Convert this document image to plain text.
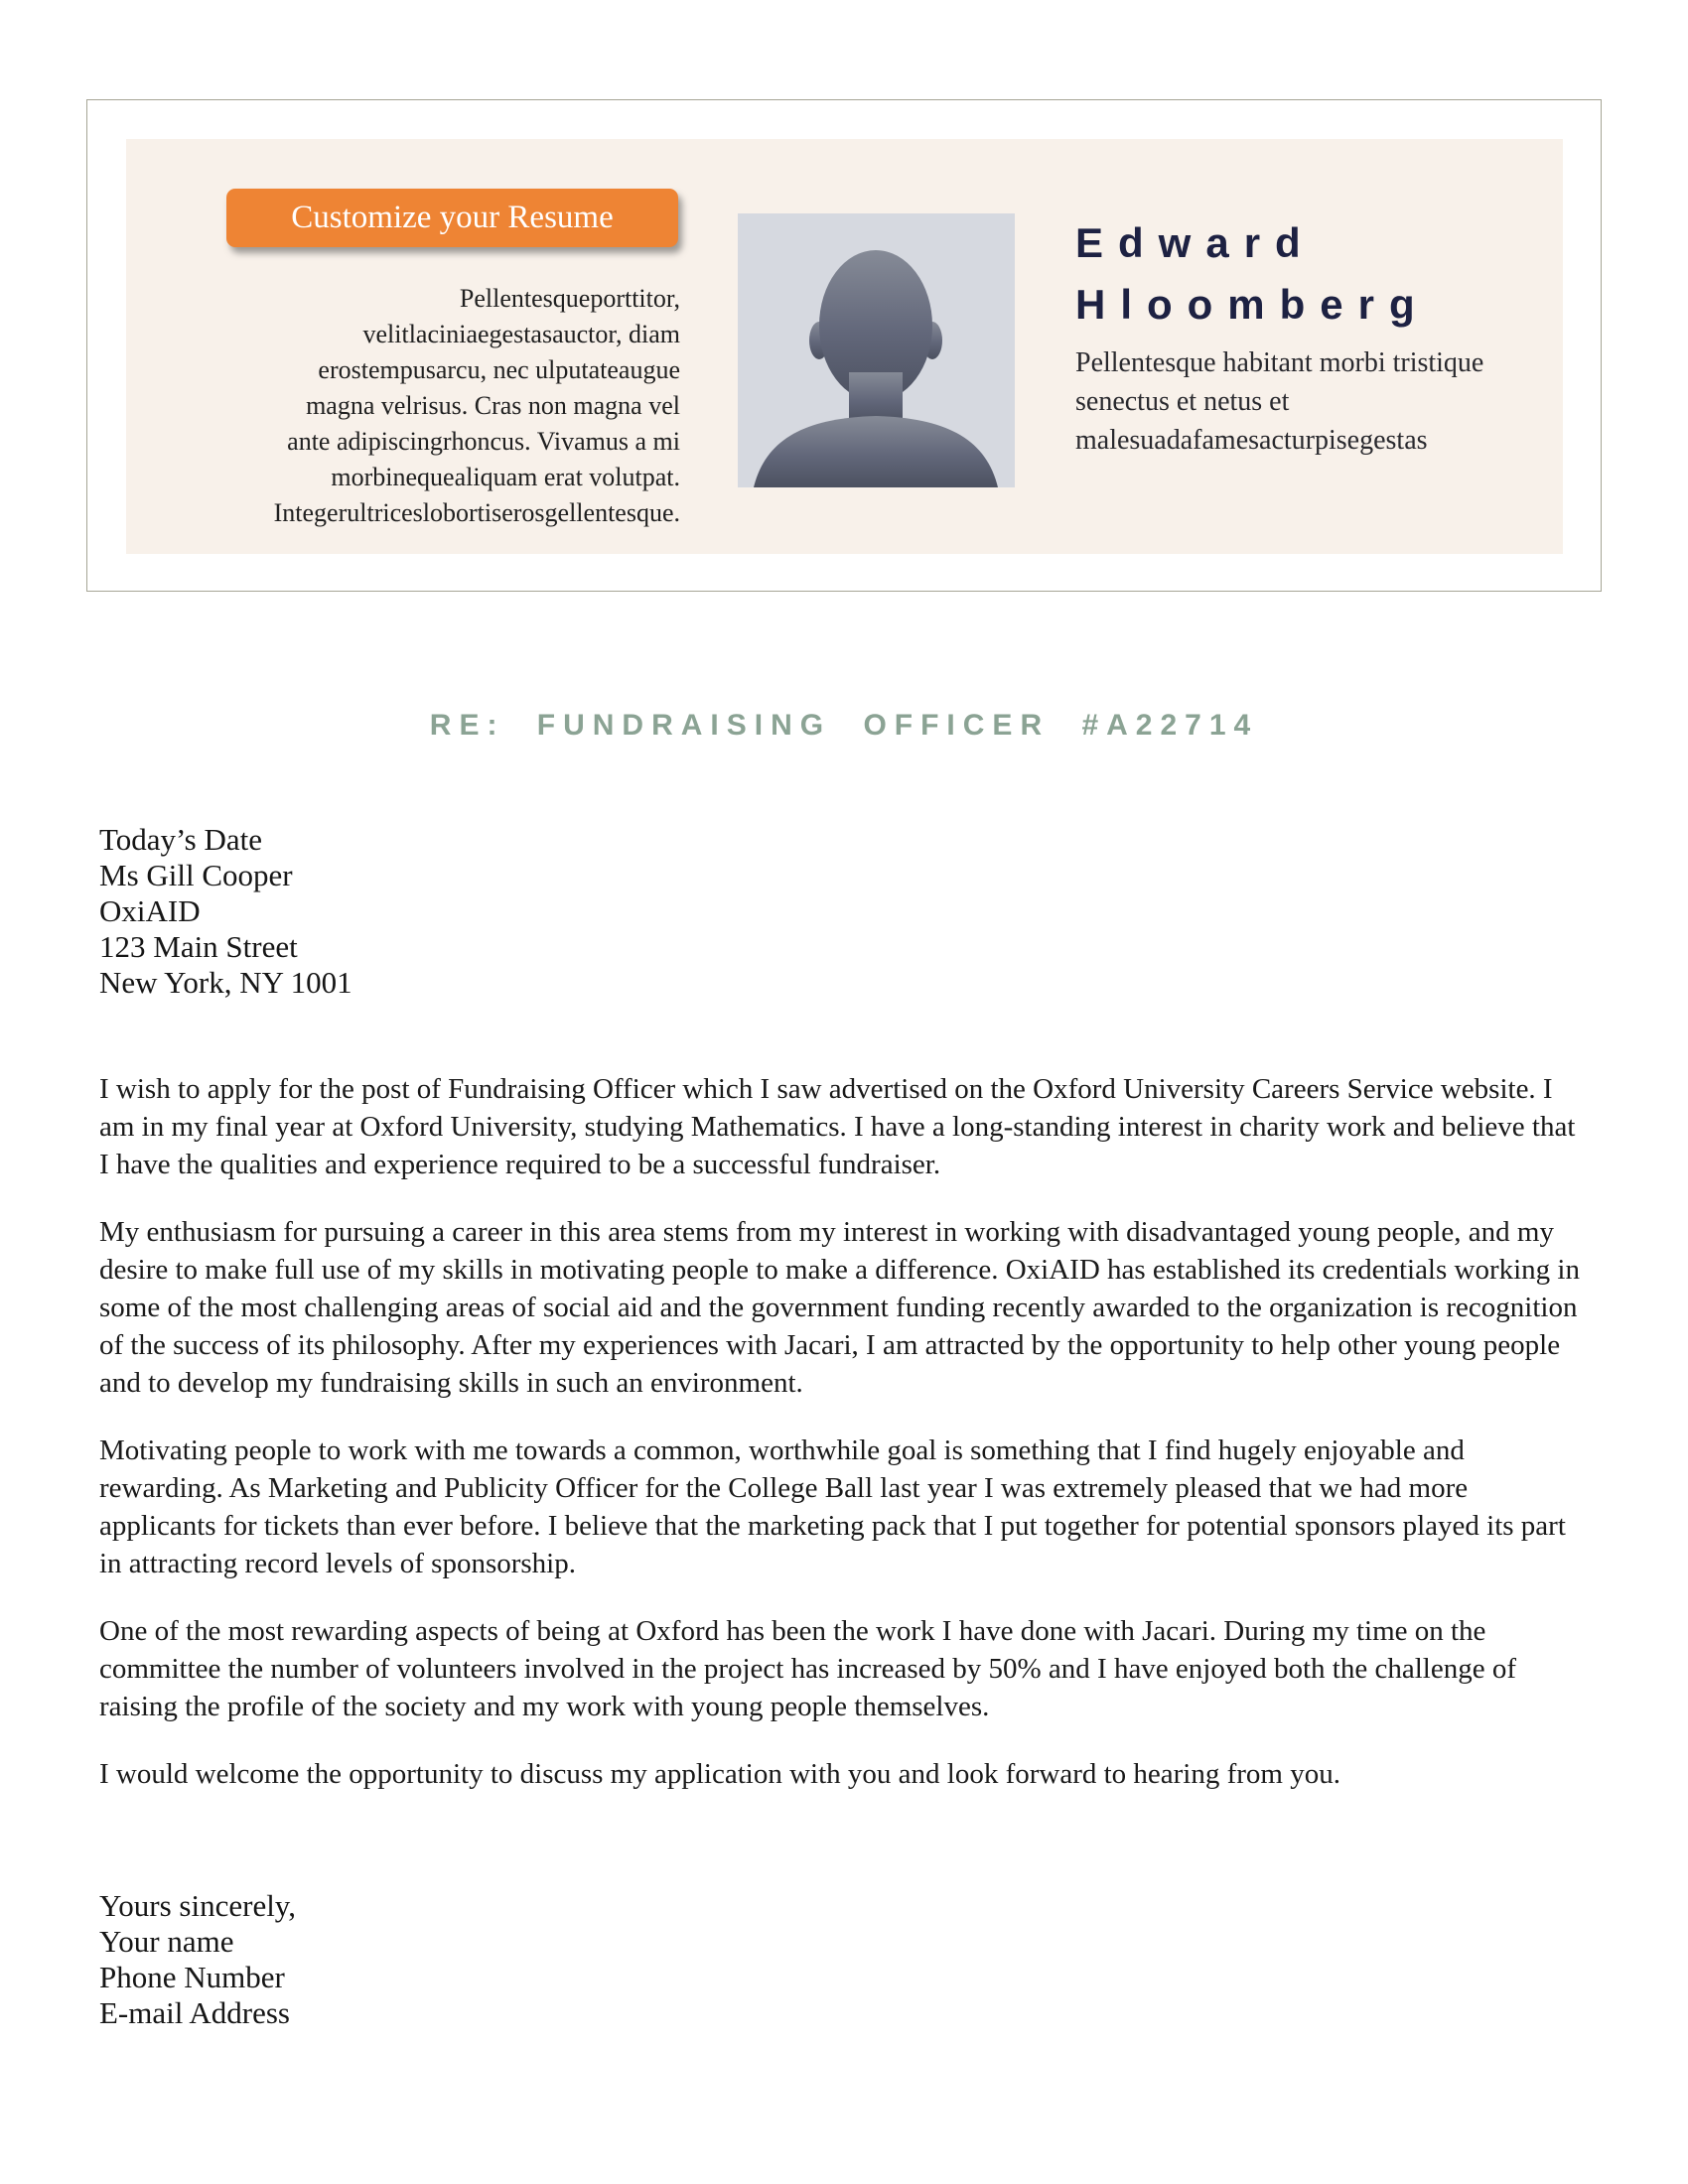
Customize your Resume
Pellentesqueporttitor,
velitlaciniaegestasauctor, diam
erostempusarcu, nec ulputateaugue
magna velrisus. Cras non magna vel
ante adipiscingrhoncus. Vivamus a mi
morbinequealiquam erat volutpat.
Integerultriceslobortiserosgellentesque.
Edward
Hloomberg
Pellentesque habitant morbi tristique senectus et netus et malesuadafamesacturpisegestas
RE: FUNDRAISING OFFICER #A22714
Today’s Date
Ms Gill Cooper
OxiAID
123 Main Street
New York, NY 1001

I wish to apply for the post of Fundraising Officer which I saw advertised on the Oxford University Careers Service website. I am in my final year at Oxford University, studying Mathematics. I have a long-standing interest in charity work and believe that I have the qualities and experience required to be a successful fundraiser.

My enthusiasm for pursuing a career in this area stems from my interest in working with disadvantaged young people, and my desire to make full use of my skills in motivating people to make a difference. OxiAID has established its credentials working in some of the most challenging areas of social aid and the government funding recently awarded to the organization is recognition of the success of its philosophy. After my experiences with Jacari, I am attracted by the opportunity to help other young people and to develop my fundraising skills in such an environment.

Motivating people to work with me towards a common, worthwhile goal is something that I find hugely enjoyable and rewarding. As Marketing and Publicity Officer for the College Ball last year I was extremely pleased that we had more applicants for tickets than ever before. I believe that the marketing pack that I put together for potential sponsors played its part in attracting record levels of sponsorship.

One of the most rewarding aspects of being at Oxford has been the work I have done with Jacari. During my time on the committee the number of volunteers involved in the project has increased by 50% and I have enjoyed both the challenge of raising the profile of the society and my work with young people themselves.

I would welcome the opportunity to discuss my application with you and look forward to hearing from you.

Yours sincerely,
Your name
Phone Number
E-mail Address
